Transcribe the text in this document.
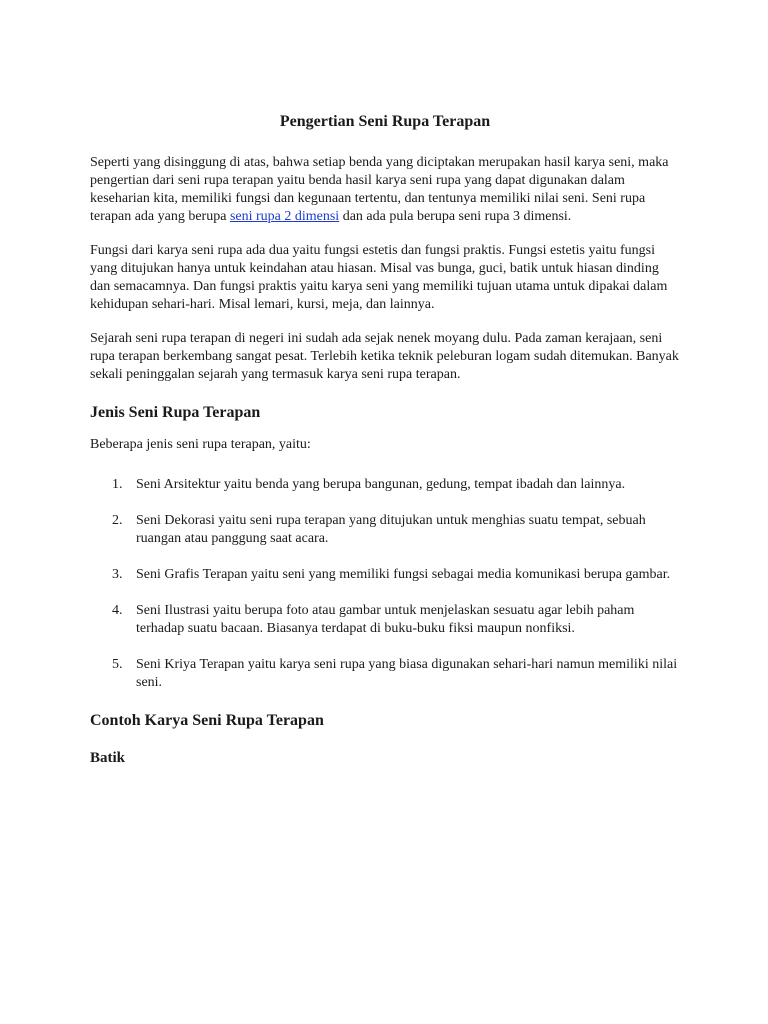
Pengertian Seni Rupa Terapan

Seperti yang disinggung di atas, bahwa setiap benda yang diciptakan merupakan hasil karya seni, maka pengertian dari seni rupa terapan yaitu benda hasil karya seni rupa yang dapat digunakan dalam keseharian kita, memiliki fungsi dan kegunaan tertentu, dan tentunya memiliki nilai seni. Seni rupa terapan ada yang berupa seni rupa 2 dimensi dan ada pula berupa seni rupa 3 dimensi.

Fungsi dari karya seni rupa ada dua yaitu fungsi estetis dan fungsi praktis. Fungsi estetis yaitu fungsi yang ditujukan hanya untuk keindahan atau hiasan. Misal vas bunga, guci, batik untuk hiasan dinding dan semacamnya. Dan fungsi praktis yaitu karya seni yang memiliki tujuan utama untuk dipakai dalam kehidupan sehari-hari. Misal lemari, kursi, meja, dan lainnya.

Sejarah seni rupa terapan di negeri ini sudah ada sejak nenek moyang dulu. Pada zaman kerajaan, seni rupa terapan berkembang sangat pesat. Terlebih ketika teknik peleburan logam sudah ditemukan. Banyak sekali peninggalan sejarah yang termasuk karya seni rupa terapan.

Jenis Seni Rupa Terapan

Beberapa jenis seni rupa terapan, yaitu:

1. Seni Arsitektur yaitu benda yang berupa bangunan, gedung, tempat ibadah dan lainnya.
2. Seni Dekorasi yaitu seni rupa terapan yang ditujukan untuk menghias suatu tempat, sebuah ruangan atau panggung saat acara.
3. Seni Grafis Terapan yaitu seni yang memiliki fungsi sebagai media komunikasi berupa gambar.
4. Seni Ilustrasi yaitu berupa foto atau gambar untuk menjelaskan sesuatu agar lebih paham terhadap suatu bacaan. Biasanya terdapat di buku-buku fiksi maupun nonfiksi.
5. Seni Kriya Terapan yaitu karya seni rupa yang biasa digunakan sehari-hari namun memiliki nilai seni.
Contoh Karya Seni Rupa Terapan
Batik
